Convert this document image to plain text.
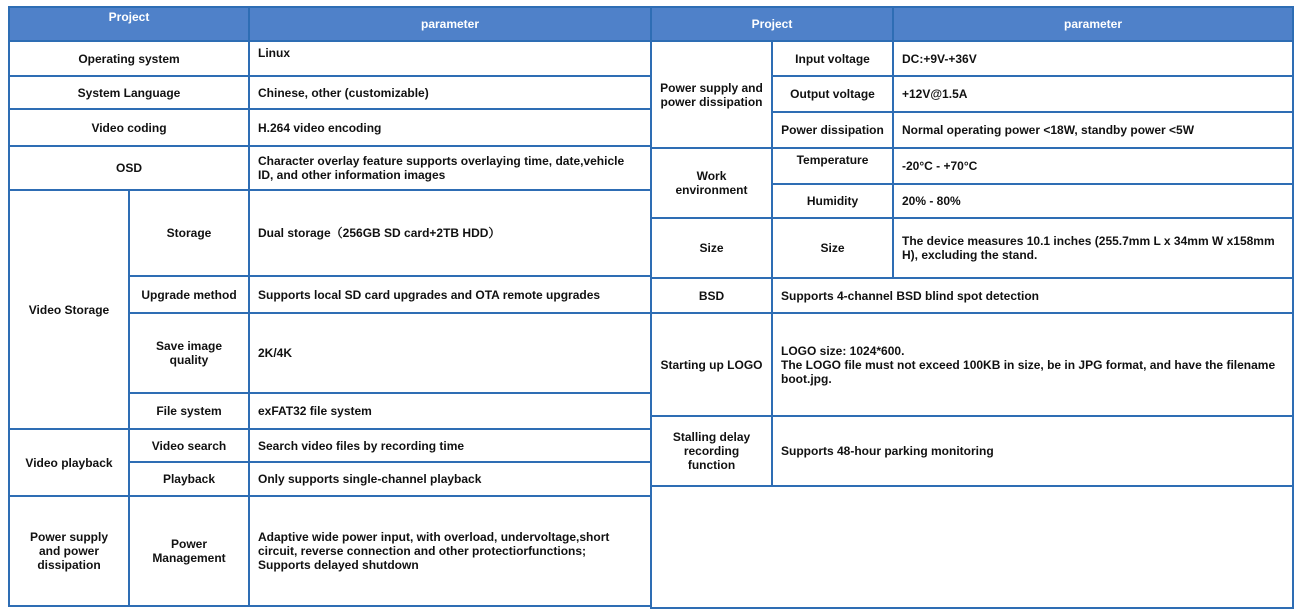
Project		parameter
Operating system		Linux
System Language		Chinese, other (customizable)
Video coding		H.264 video encoding
OSD		Character overlay feature supports overlaying time, date,vehicle ID, and other information images
Video Storage	Storage	Dual storage（256GB SD card+2TB HDD）
	Upgrade method	Supports local SD card upgrades and OTA remote upgrades
	Save image quality	2K/4K
	File system	exFAT32 file system
Video playback	Video search	Search video files by recording time
	Playback	Only supports single-channel playback
Power supply and power dissipation	Power Management	Adaptive wide power input, with overload, undervoltage,short circuit, reverse connection and other protectiorfunctions;
Supports delayed shutdown
Project		parameter
Power supply and power dissipation	Input voltage	DC:+9V-+36V
	Output voltage	+12V@1.5A
	Power dissipation	Normal operating power <18W, standby power <5W
Work environment	Temperature	-20°C - +70°C
	Humidity	20% - 80%
Size	Size	The device measures 10.1 inches (255.7mm L x 34mm W x158mm H), excluding the stand.
BSD	Supports 4-channel BSD blind spot detection	
Starting up LOGO	LOGO size: 1024*600.
The LOGO file must not exceed 100KB in size, be in JPG format, and have the filename boot.jpg.	

Stalling delay recording function	Supports 48-hour parking monitoring	
